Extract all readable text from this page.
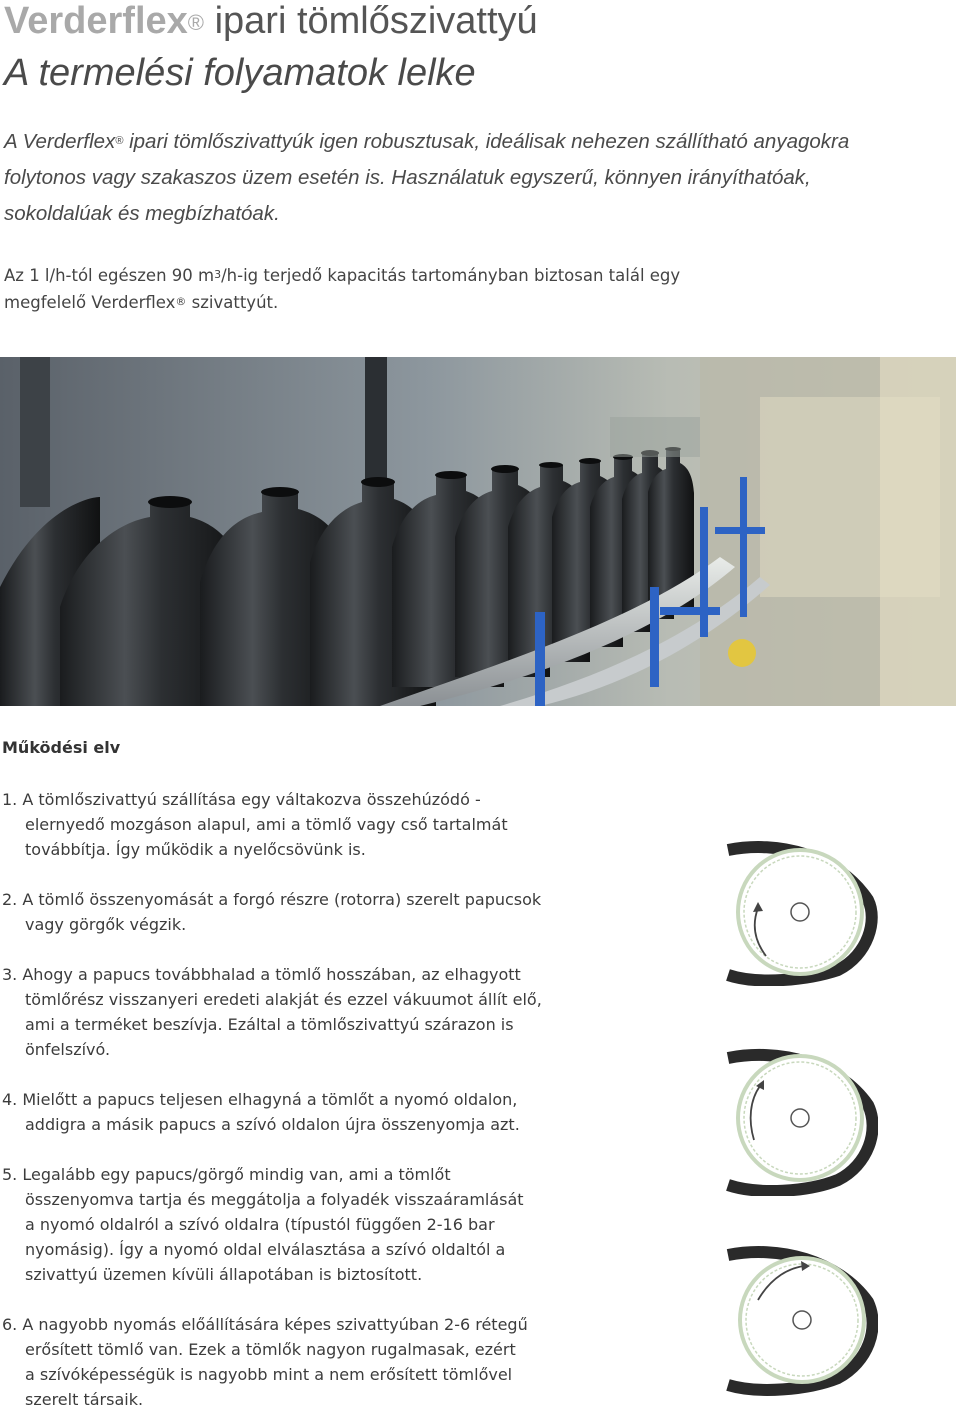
Verderflex® ipari tömlőszivattyú
A termelési folyamatok lelke
A Verderflex® ipari tömlőszivattyúk igen robusztusak, ideálisak nehezen szállítható anyagokra
folytonos vagy szakaszos üzem esetén is. Használatuk egyszerű, könnyen irányíthatóak,
sokoldalúak és megbízhatóak.
Az 1 l/h-tól egészen 90 $m^3/h-ig$ terjedő kapacitás tartományban biztosan talál egy
megfelelő Verderflex® szivattyút.
Működési elv
1. A tömlőszivattyú szállítása egy váltakozva összehúzódó -
elernyedő mozgáson alapul, ami a tömlő vagy cső tartalmát
továbbítja. Így működik a nyelőcsövünk is.
2. A tömlő összenyomását a forgó részre (rotorra) szerelt papucsok
vagy görgők végzik.
3. Ahogy a papucs továbbhalad a tömlő hosszában, az elhagyott
tömlőrész visszanyeri eredeti alakját és ezzel vákuumot állít elő,
ami a terméket beszívja. Ezáltal a tömlőszivattyú szárazon is
önfelszívó.
4. Mielőtt a papucs teljesen elhagyná a tömlőt a nyomó oldalon,
addigra a másik papucs a szívó oldalon újra összenyomja azt.
5. Legalább egy papucs/görgő mindig van, ami a tömlőt
összenyomva tartja és meggátolja a folyadék visszaáramlását
a nyomó oldalról a szívó oldalra (típustól függően 2-16 bar
nyomásig). Így a nyomó oldal elválasztása a szívó oldaltól a
szivattyú üzemen kívüli állapotában is biztosított.
6. A nagyobb nyomás előállítására képes szivattyúban 2-6 rétegű
erősített tömlő van. Ezek a tömlők nagyon rugalmasak, ezért
a szívóképességük is nagyobb mint a nem erősített tömlővel
szerelt társaik.
